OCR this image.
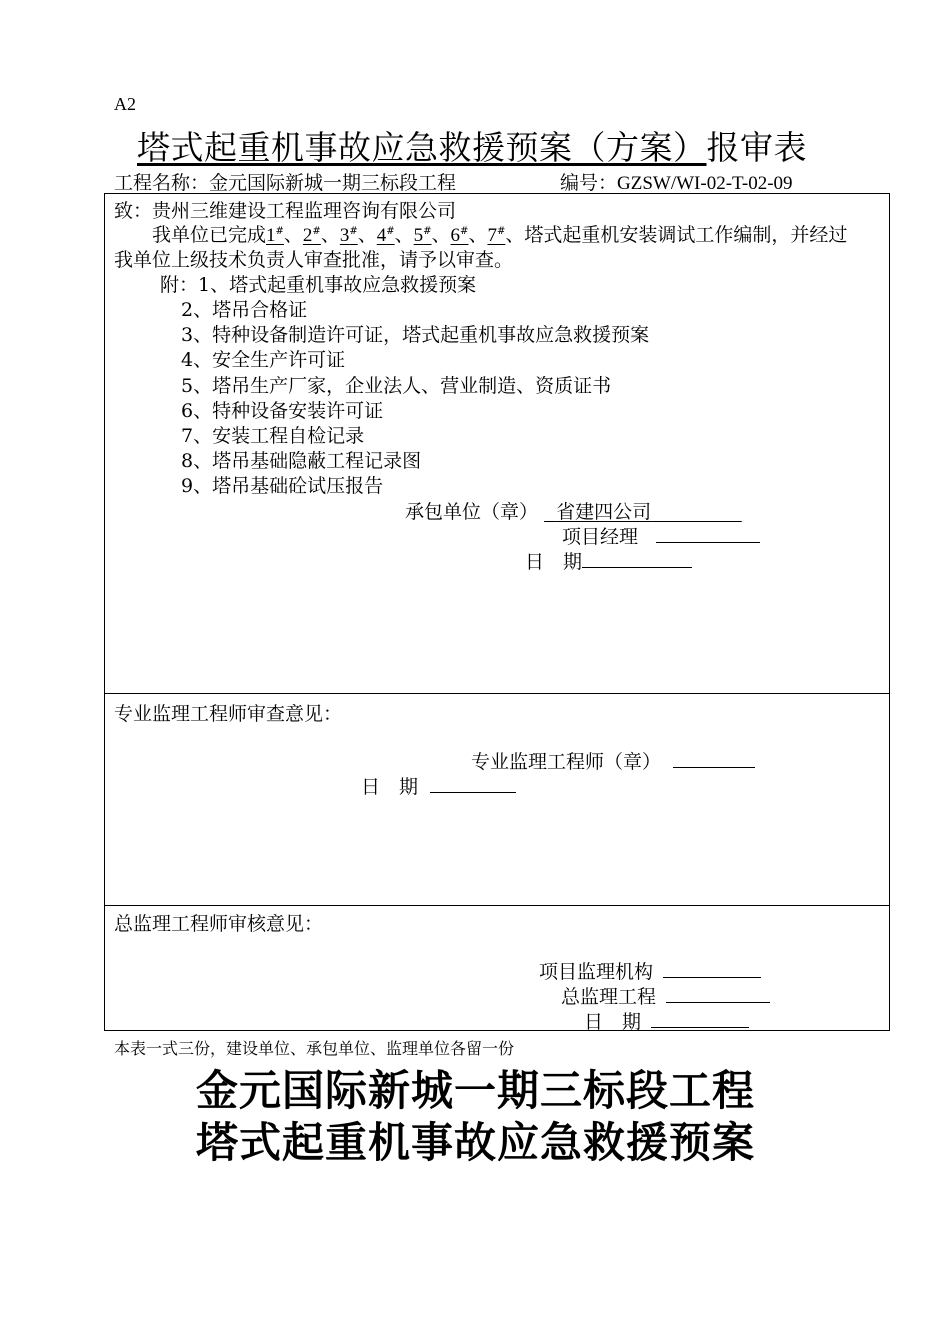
A2
塔式起重机事故应急救援预案（方案）报审表
工程名称：金元国际新城一期三标段工程	编号：GZSW/WI-02-T-02-09
致：贵州三维建设工程监理咨询有限公司
我单位已完成1#、2#、3#、4#、5#、6#、7#、塔式起重机安装调试工作编制，并经过
我单位上级技术负责人审查批准，请予以审查。
附：1、塔式起重机事故应急救援预案
2、塔吊合格证
3、特种设备制造许可证，塔式起重机事故应急救援预案
4、安全生产许可证
5、塔吊生产厂家，企业法人、营业制造、资质证书
6、特种设备安装许可证
7、安装工程自检记录
8、塔吊基础隐蔽工程记录图
9、塔吊基础砼试压报告
承包单位（章） 省建四公司
项目经理
日　期
专业监理工程师审查意见：
专业监理工程师（章）
日　期
总监理工程师审核意见：
项目监理机构
总监理工程
日　期
本表一式三份，建设单位、承包单位、监理单位各留一份
金元国际新城一期三标段工程
塔式起重机事故应急救援预案
